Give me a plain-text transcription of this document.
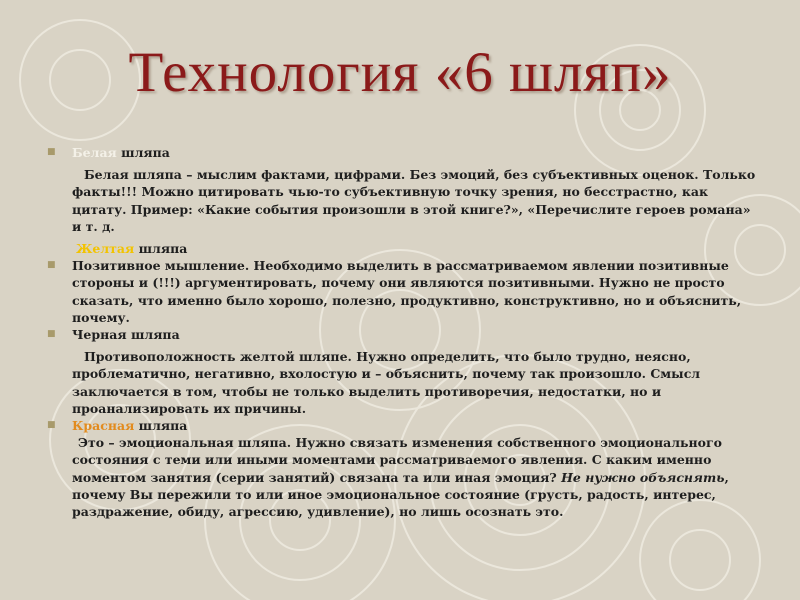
Технология «6 шляп»
■ Белая шляпа
Белая шляпа – мыслим фактами, цифрами. Без эмоций, без субъективных оценок. Только факты!!! Можно цитировать чью-то субъективную точку зрения, но бесстрастно, как цитату. Пример: «Какие события произошли в этой книге?», «Перечислите героев романа» и т. д.
Желтая шляпа
■ Позитивное мышление. Необходимо выделить в рассматриваемом явлении позитивные стороны и (!!!) аргументировать, почему они являются позитивными. Нужно не просто сказать, что именно было хорошо, полезно, продуктивно, конструктивно, но и объяснить, почему.
■ Черная шляпа
Противоположность желтой шляпе. Нужно определить, что было трудно, неясно, проблематично, негативно, вхолостую и – объяснить, почему так произошло. Смысл заключается в том, чтобы не только выделить противоречия, недостатки, но и проанализировать их причины.
■ Красная шляпа
Это – эмоциональная шляпа. Нужно связать изменения собственного эмоционального состояния с теми или иными моментами рассматриваемого явления. С каким именно моментом занятия (серии занятий) связана та или иная эмоция? Не нужно объяснять, почему Вы пережили то или иное эмоциональное состояние (грусть, радость, интерес, раздражение, обиду, агрессию, удивление), но лишь осознать это.
